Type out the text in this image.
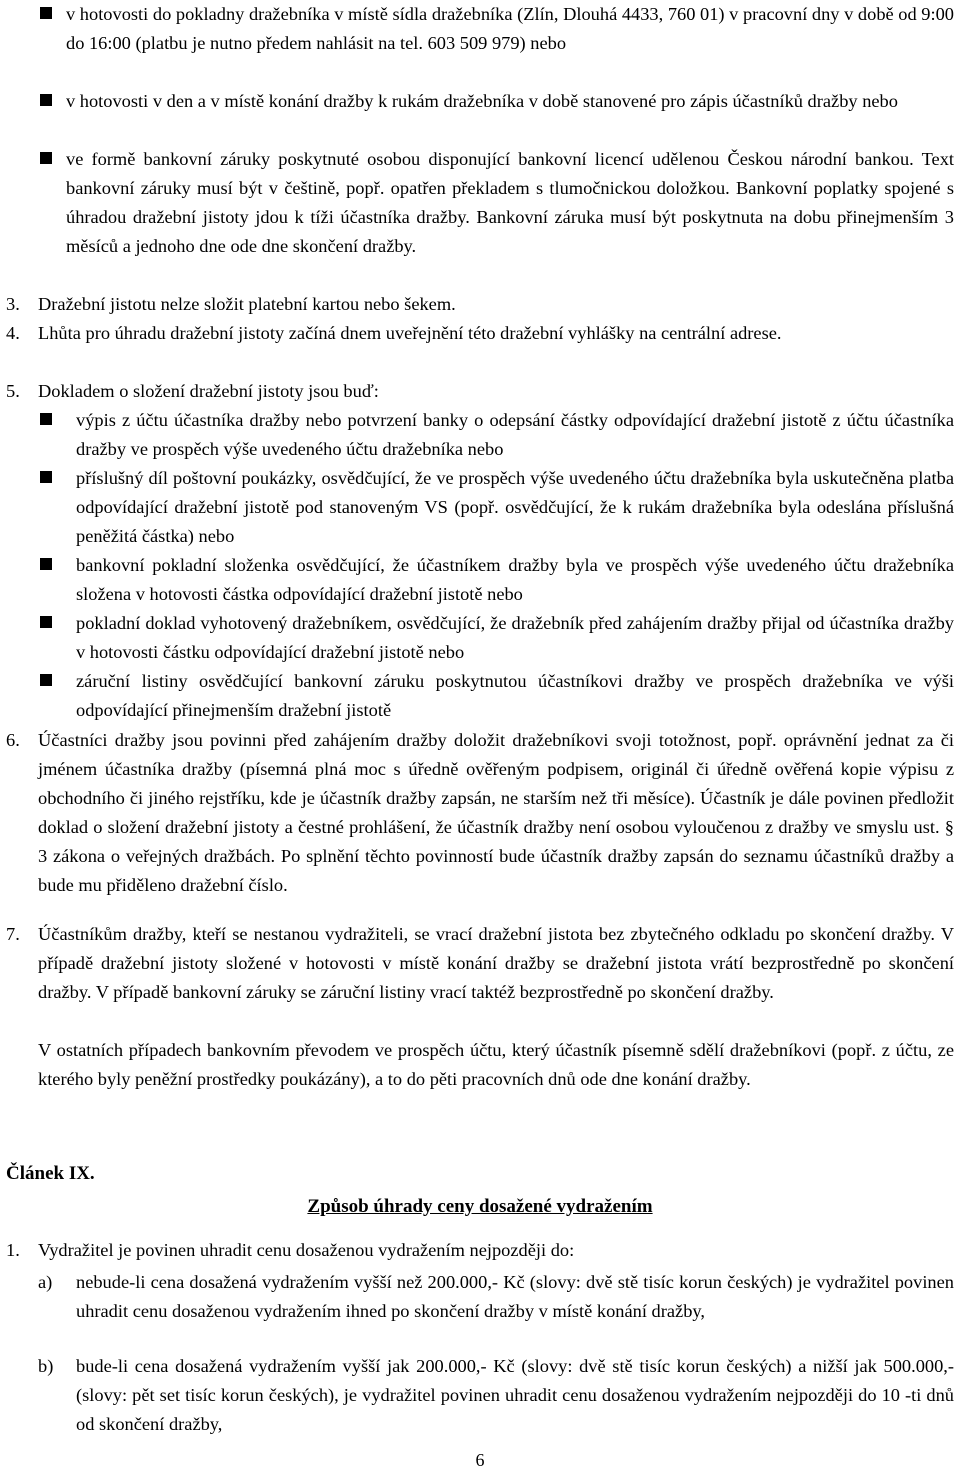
v hotovosti do pokladny dražebníka v místě sídla dražebníka (Zlín, Dlouhá 4433, 760 01) v pracovní dny v době od 9:00 do 16:00 (platbu je nutno předem nahlásit na tel. 603 509 979) nebo
v hotovosti v den a v místě konání dražby k rukám dražebníka v době stanovené pro zápis účastníků dražby nebo
ve formě bankovní záruky poskytnuté osobou disponující bankovní licencí udělenou Českou národní bankou. Text bankovní záruky musí být v češtině, popř. opatřen překladem s tlumočnickou doložkou. Bankovní poplatky spojené s úhradou dražební jistoty jdou k tíži účastníka dražby. Bankovní záruka musí být poskytnuta na dobu přinejmenším 3 měsíců a jednoho dne ode dne skončení dražby.
3. Dražební jistotu nelze složit platební kartou nebo šekem.
4. Lhůta pro úhradu dražební jistoty začíná dnem uveřejnění této dražební vyhlášky na centrální adrese.
5. Dokladem o složení dražební jistoty jsou buď:
výpis z účtu účastníka dražby nebo potvrzení banky o odepsání částky odpovídající dražební jistotě z účtu účastníka dražby ve prospěch výše uvedeného účtu dražebníka nebo
příslušný díl poštovní poukázky, osvědčující, že ve prospěch výše uvedeného účtu dražebníka byla uskutečněna platba odpovídající dražební jistotě pod stanoveným VS (popř. osvědčující, že k rukám dražebníka byla odeslána příslušná peněžitá částka) nebo
bankovní pokladní složenka osvědčující, že účastníkem dražby byla ve prospěch výše uvedeného účtu dražebníka složena v hotovosti částka odpovídající dražební jistotě nebo
pokladní doklad vyhotovený dražebníkem, osvědčující, že dražebník před zahájením dražby přijal od účastníka dražby v hotovosti částku odpovídající dražební jistotě nebo
záruční listiny osvědčující bankovní záruku poskytnutou účastníkovi dražby ve prospěch dražebníka ve výši odpovídající přinejmenším dražební jistotě
6. Účastníci dražby jsou povinni před zahájením dražby doložit dražebníkovi svoji totožnost, popř. oprávnění jednat za či jménem účastníka dražby (písemná plná moc s úředně ověřeným podpisem, originál či úředně ověřená kopie výpisu z obchodního či jiného rejstříku, kde je účastník dražby zapsán, ne starším než tři měsíce). Účastník je dále povinen předložit doklad o složení dražební jistoty a čestné prohlášení, že účastník dražby není osobou vyloučenou z dražby ve smyslu ust. § 3 zákona o veřejných dražbách. Po splnění těchto povinností bude účastník dražby zapsán do seznamu účastníků dražby a bude mu přiděleno dražební číslo.
7. Účastníkům dražby, kteří se nestanou vydražiteli, se vrací dražební jistota bez zbytečného odkladu po skončení dražby. V případě dražební jistoty složené v hotovosti v místě konání dražby se dražební jistota vrátí bezprostředně po skončení dražby. V případě bankovní záruky se záruční listiny vrací taktéž bezprostředně po skončení dražby.
V ostatních případech bankovním převodem ve prospěch účtu, který účastník písemně sdělí dražebníkovi (popř. z účtu, ze kterého byly peněžní prostředky poukázány), a to do pěti pracovních dnů ode dne konání dražby.
Článek IX.
Způsob úhrady ceny dosažené vydražením
1. Vydražitel je povinen uhradit cenu dosaženou vydražením nejpozději do:
a) nebude-li cena dosažená vydražením vyšší než 200.000,- Kč (slovy: dvě stě tisíc korun českých) je vydražitel povinen uhradit cenu dosaženou vydražením ihned po skončení dražby v místě konání dražby,
b) bude-li cena dosažená vydražením vyšší jak 200.000,- Kč (slovy: dvě stě tisíc korun českých) a nižší jak 500.000,- (slovy: pět set tisíc korun českých), je vydražitel povinen uhradit cenu dosaženou vydražením nejpozději do 10 -ti dnů od skončení dražby,
6
